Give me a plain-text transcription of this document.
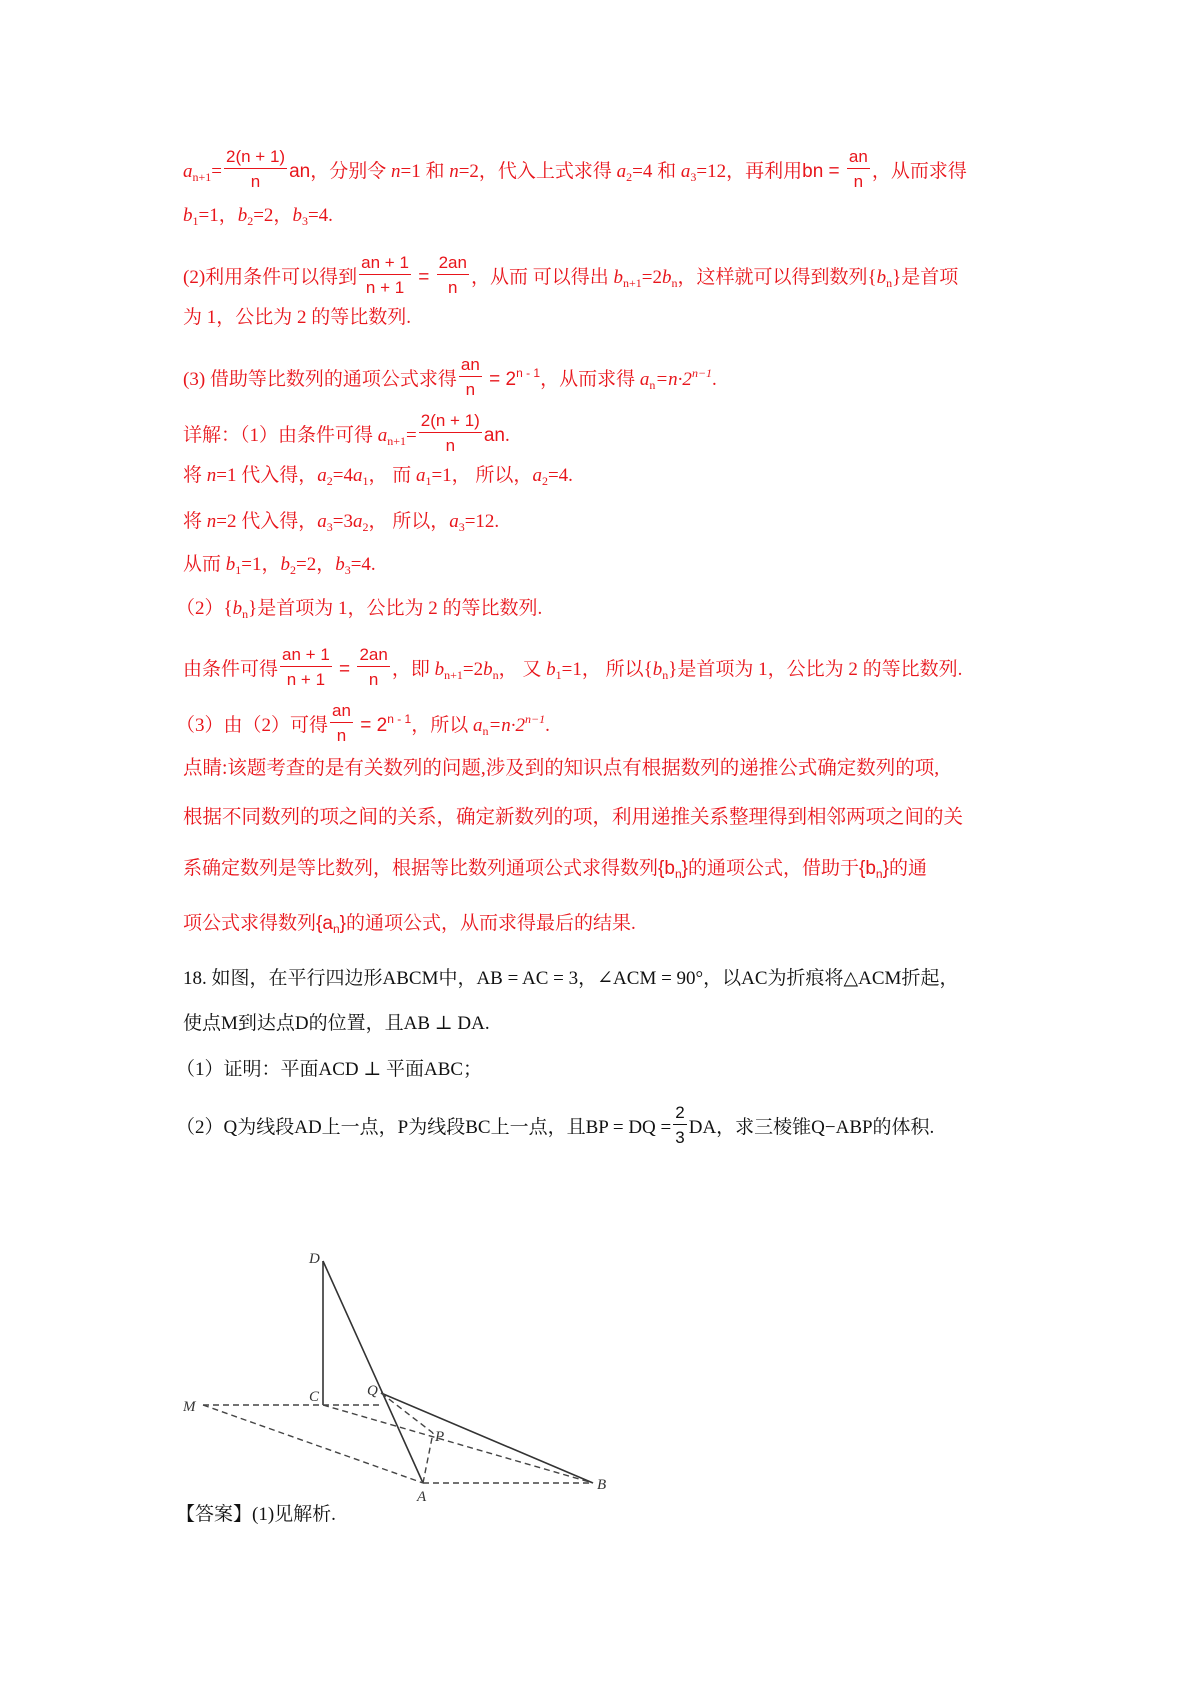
$a_{n+1}= \frac{2(n + 1)}{n}$ an，分别令 n=1 和 n=2，代入上式求得 $a_2=4$ 和 $a_3=12$，再利用bn = $\frac{an}{n}$ ，从而求得
$b_1=1$，$b_2=2$，$b_3=4$.
(2)利用条件可以得到 $\frac{an + 1}{n + 1} = \frac{2an}{n}$ ，从而 可以得出 $b_{n+1}=2b_n$，这样就可以得到数列$\{b_n\}$是首项
为 1，公比为 2 的等比数列.
(3) 借助等比数列的通项公式求得 $\frac{an}{n} = 2^{n - 1}$，从而求得 $a_n=n\cdot 2^{n-1}$.
详解：（1）由条件可得 $a_{n+1}= \frac{2(n + 1)}{n}$ an.
将 n=1 代入得，$a_2=4a_1$， 而 $a_1=1$， 所以，$a_2=4$.
将 n=2 代入得，$a_3=3a_2$， 所以，$a_3=12$.
从而 $b_1=1$，$b_2=2$，$b_3=4$.
$(2)\{b_n\}$是首项为 1，公比为 2 的等比数列.
由条件可得 $\frac{an + 1}{n + 1} = \frac{2an}{n}$ ，即 $b_{n+1}=2b_n$， 又 $b_1=1$， 所以$\{b_n\}$是首项为 1，公比为 2 的等比数列.
（3）由（2）可得 $\frac{an}{n} = 2^{n - 1}$，所以 $a_n=n\cdot 2^{n-1}$.
点睛:该题考查的是有关数列的问题,涉及到的知识点有根据数列的递推公式确定数列的项,
根据不同数列的项之间的关系，确定新数列的项，利用递推关系整理得到相邻两项之间的关
系确定数列是等比数列，根据等比数列通项公式求得数列$\{b_n\}$的通项公式，借助于$\{b_n\}$的通
项公式求得数列$\{a_n\}$的通项公式，从而求得最后的结果.
18. 如图，在平行四边形ABCM中，AB = AC = 3，∠ACM = 90°，以AC为折痕将△ACM折起，
使点M到达点D的位置，且AB ⊥ DA.
（1）证明：平面ACD ⊥ 平面ABC；
（2）Q为线段AD上一点，P为线段BC上一点，且BP = DQ = $\frac{2}{3}$ DA，求三棱锥Q−ABP的体积.
D
C	Q
M
P
A
B
【答案】(1)见解析.
